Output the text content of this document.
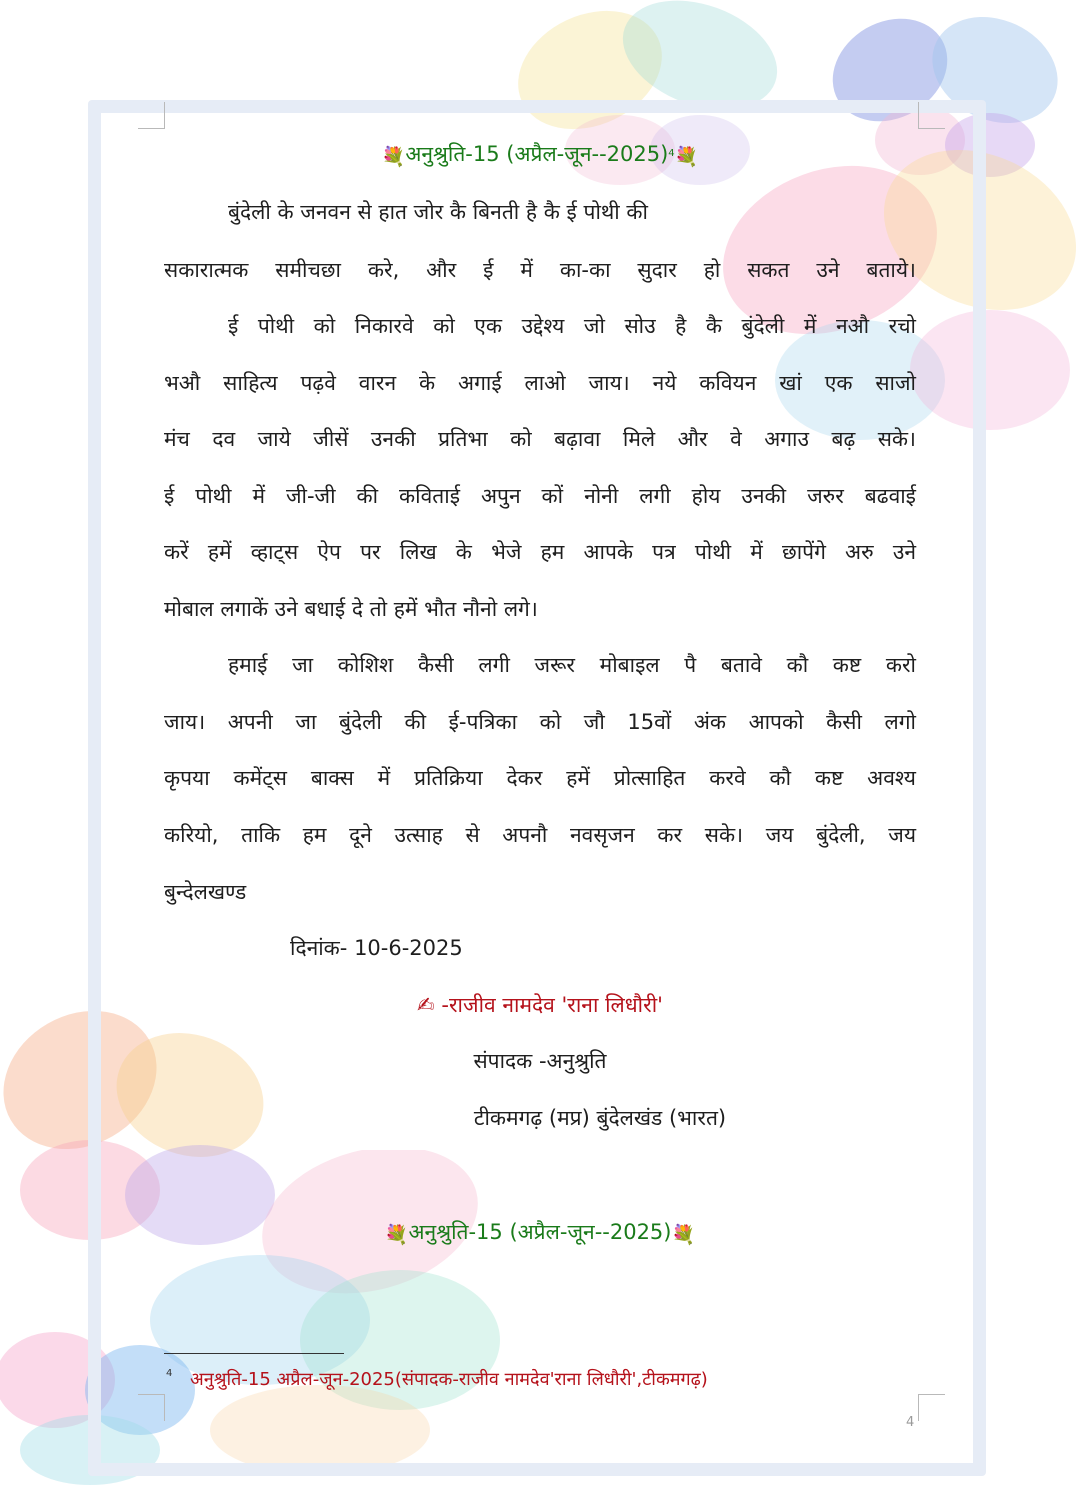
💐अनुश्रुति-15 (अप्रैल-जून--2025)$^4$💐
बुंदेली के जनवन से हात जोर कै बिनती है कै ई पोथी की
सकारात्मक समीचछा करे, और ई में का-का सुदार हो सकत उने बताये।
ई पोथी को निकारवे को एक उद्देश्य जो सोउ है कै बुंदेली में नऔ रचो
भऔ साहित्य पढ़वे वारन के अगाई लाओ जाय। नये कवियन खां एक साजो
मंच दव जाये जीसें उनकी प्रतिभा को बढ़ावा मिले और वे अगाउ बढ़ सके।
ई पोथी में जी-जी की कविताई अपुन कों नोनी लगी होय उनकी जरुर बढवाई
करें हमें व्हाट्स ऐप पर लिख के भेजे हम आपके पत्र पोथी में छापेंगे अरु उने
मोबाल लगाकें उने बधाई दे तो हमें भौत नौनो लगे।
हमाई जा कोशिश कैसी लगी जरूर मोबाइल पै बतावे कौ कष्ट करो
जाय। अपनी जा बुंदेली की ई-पत्रिका को जौ 15वों अंक आपको कैसी लगो
कृपया कमेंट्स बाक्स में प्रतिक्रिया देकर हमें प्रोत्साहित करवे कौ कष्ट अवश्य
करियो, ताकि हम दूने उत्साह से अपनौ नवसृजन कर सके। जय बुंदेली, जय
बुन्देलखण्ड
दिनांक- 10-6-2025
✍ -राजीव नामदेव 'राना लिधौरी'
संपादक -अनुश्रुति
टीकमगढ़ (मप्र) बुंदेलखंड (भारत)
💐अनुश्रुति-15 (अप्रैल-जून--2025)💐
4 अनुश्रुति-15 अप्रैल-जून-2025(संपादक-राजीव नामदेव'राना लिधौरी',टीकमगढ़)
4
